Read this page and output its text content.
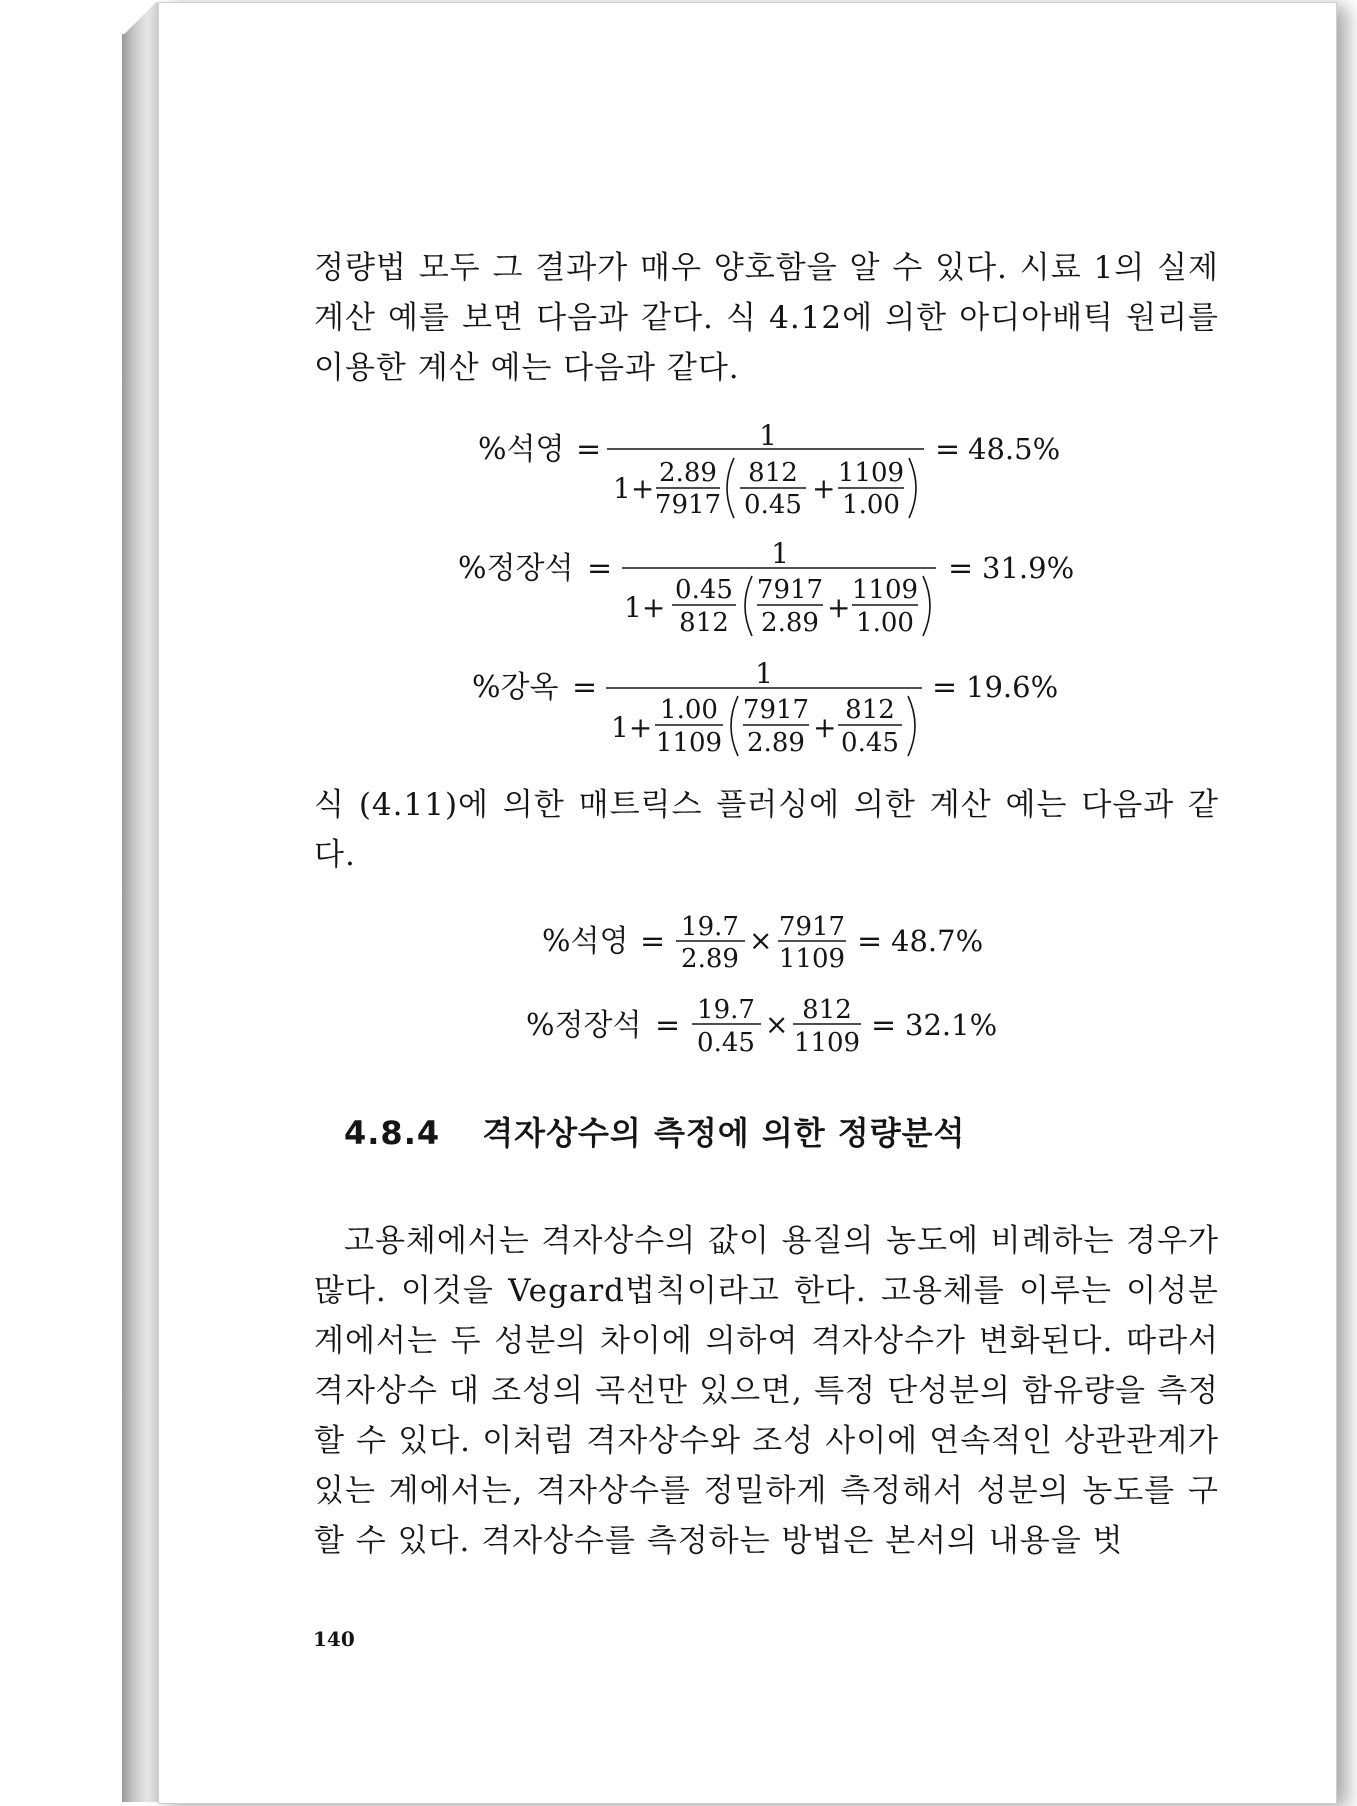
정량법 모두 그 결과가 매우 양호함을 알 수 있다. 시료 1의 실제 계산 예를 보면 다음과 같다. 식 4.12에 의한 아디아배틱 원리를 이용한 계산 예는 다음과 같다.

%석영 =	1
1+ 2.89
7917
812
0.45 + 1109
1.00
= 48.5%
%정장석 =	1
1+
0.45
812
7917
2.89 +
1109
1.00
= 31.9%
%강옥 =	1
1+
1.00
1109
7917
2.89 +
812
0.45
= 19.6%

식 (4.11)에 의한 매트릭스 플러싱에 의한 계산 예는 다음과 같다.

%석영 = 19.7
2.89
× 7917
1109 = 48.7%
%정장석 = 19.7
0.45
× 812
1109 = 32.1%
4.8.4 격자상수의 측정에 의한 정량분석

고용체에서는 격자상수의 값이 용질의 농도에 비례하는 경우가 많다. 이것을 Vegard법칙이라고 한다. 고용체를 이루는 이성분계에서는 두 성분의 차이에 의하여 격자상수가 변화된다. 따라서 격자상수 대 조성의 곡선만 있으면, 특정 단성분의 함유량을 측정 할 수 있다. 이처럼 격자상수와 조성 사이에 연속적인 상관관계가 있는 계에서는, 격자상수를 정밀하게 측정해서 성분의 농도를 구할 수 있다. 격자상수를 측정하는 방법은 본서의 내용을 벗

140
